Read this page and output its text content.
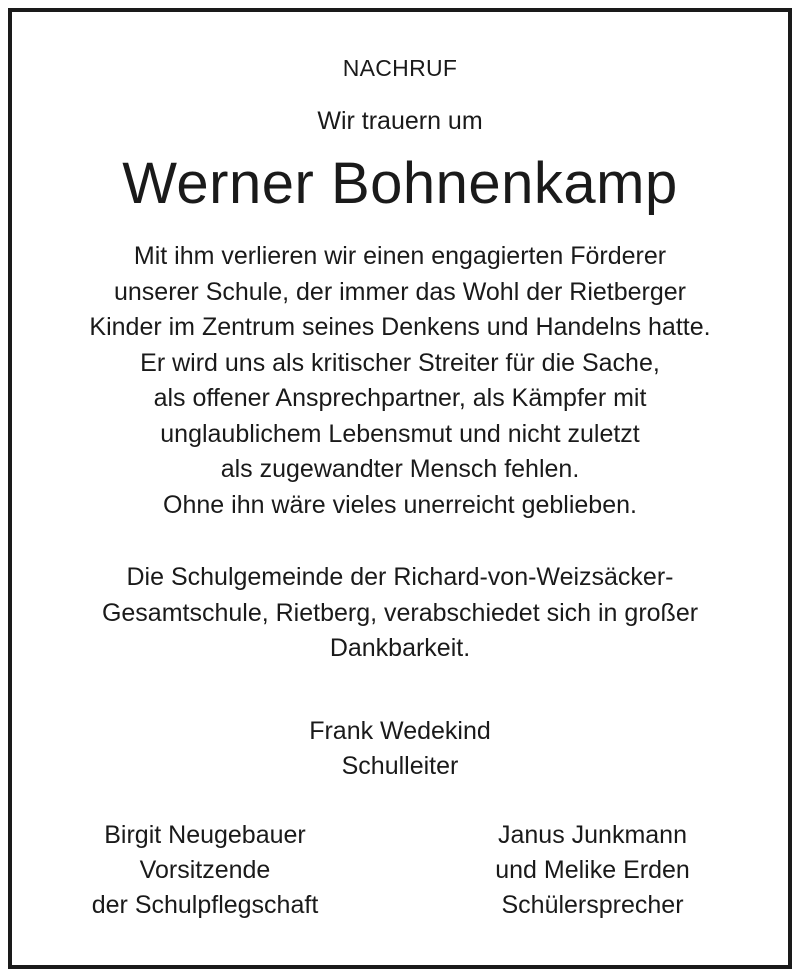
NACHRUF
Wir trauern um
Werner Bohnenkamp
Mit ihm verlieren wir einen engagierten Förderer
unserer Schule, der immer das Wohl der Rietberger
Kinder im Zentrum seines Denkens und Handelns hatte.
Er wird uns als kritischer Streiter für die Sache,
als offener Ansprechpartner, als Kämpfer mit
unglaublichem Lebensmut und nicht zuletzt
als zugewandter Mensch fehlen.
Ohne ihn wäre vieles unerreicht geblieben.
Die Schulgemeinde der Richard-von-Weizsäcker-
Gesamtschule, Rietberg, verabschiedet sich in großer
Dankbarkeit.
Frank Wedekind
Schulleiter
Birgit Neugebauer
Vorsitzende
der Schulpflegschaft
Janus Junkmann
und Melike Erden
Schülersprecher
